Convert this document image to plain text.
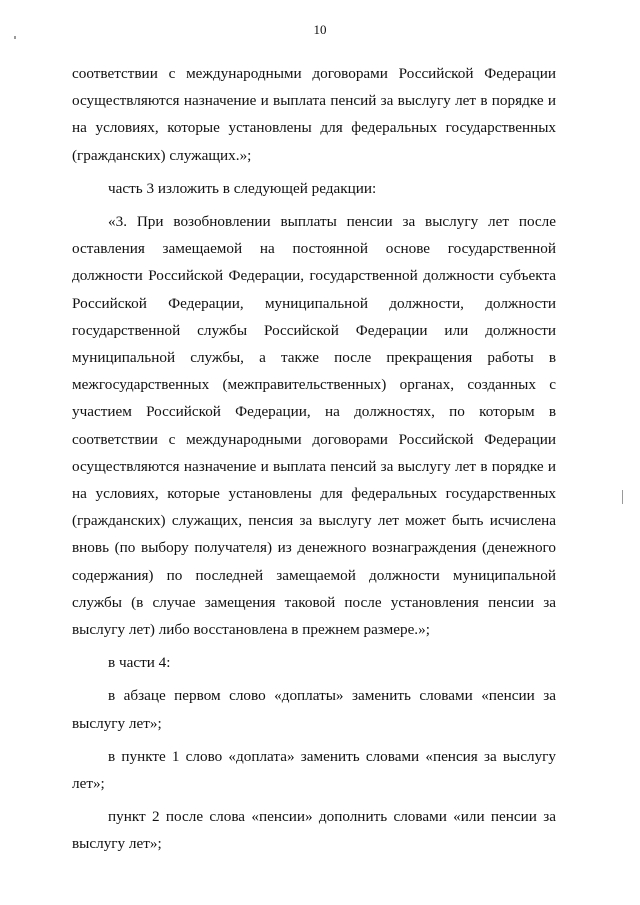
10

соответствии с международными договорами Российской Федерации осуществляются назначение и выплата пенсий за выслугу лет в порядке и на условиях, которые установлены для федеральных государственных (гражданских) служащих.»;

часть 3 изложить в следующей редакции:

«3. При возобновлении выплаты пенсии за выслугу лет после оставления замещаемой на постоянной основе государственной должности Российской Федерации, государственной должности субъекта Российской Федерации, муниципальной должности, должности государственной службы Российской Федерации или должности муниципальной службы, а также после прекращения работы в межгосударственных (межправительственных) органах, созданных с участием Российской Федерации, на должностях, по которым в соответствии с международными договорами Российской Федерации осуществляются назначение и выплата пенсий за выслугу лет в порядке и на условиях, которые установлены для федеральных государственных (гражданских) служащих, пенсия за выслугу лет может быть исчислена вновь (по выбору получателя) из денежного вознаграждения (денежного содержания) по последней замещаемой должности муниципальной службы (в случае замещения таковой после установления пенсии за выслугу лет) либо восстановлена в прежнем размере.»;

в части 4:

в абзаце первом слово «доплаты» заменить словами «пенсии за выслугу лет»;

в пункте 1 слово «доплата» заменить словами «пенсия за выслугу лет»;

пункт 2 после слова «пенсии» дополнить словами «или пенсии за выслугу лет»;
